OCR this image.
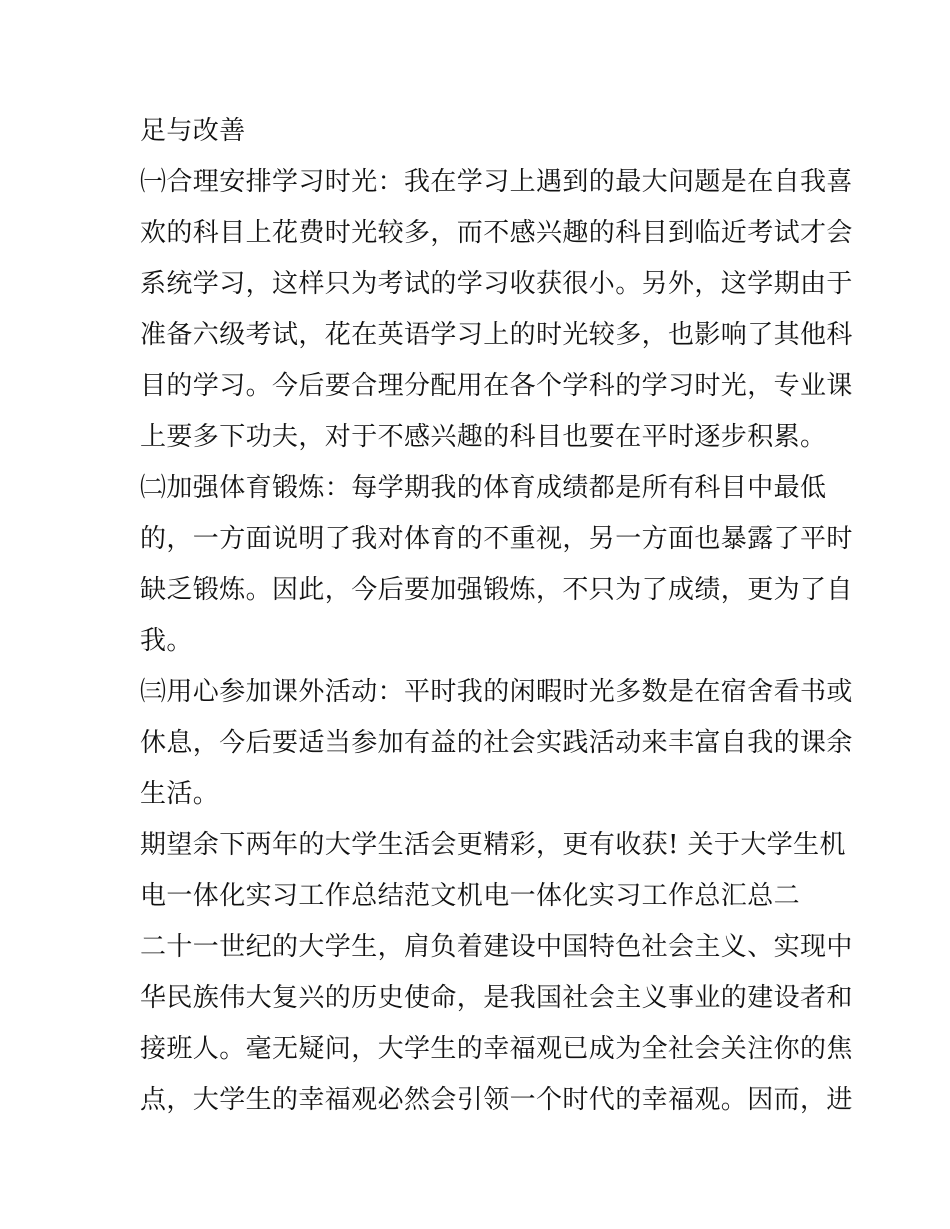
足与改善
㈠合理安排学习时光：我在学习上遇到的最大问题是在自我喜
欢的科目上花费时光较多，而不感兴趣的科目到临近考试才会
系统学习，这样只为考试的学习收获很小。另外，这学期由于
准备六级考试，花在英语学习上的时光较多，也影响了其他科
目的学习。今后要合理分配用在各个学科的学习时光，专业课
上要多下功夫，对于不感兴趣的科目也要在平时逐步积累。
㈡加强体育锻炼：每学期我的体育成绩都是所有科目中最低
的，一方面说明了我对体育的不重视，另一方面也暴露了平时
缺乏锻炼。因此，今后要加强锻炼，不只为了成绩，更为了自
我。
㈢用心参加课外活动：平时我的闲暇时光多数是在宿舍看书或
休息，今后要适当参加有益的社会实践活动来丰富自我的课余
生活。
期望余下两年的大学生活会更精彩，更有收获! 关于大学生机
电一体化实习工作总结范文机电一体化实习工作总汇总二
二十一世纪的大学生，肩负着建设中国特色社会主义、实现中
华民族伟大复兴的历史使命，是我国社会主义事业的建设者和
接班人。毫无疑问，大学生的幸福观已成为全社会关注你的焦
点，大学生的幸福观必然会引领一个时代的幸福观。因而，进
